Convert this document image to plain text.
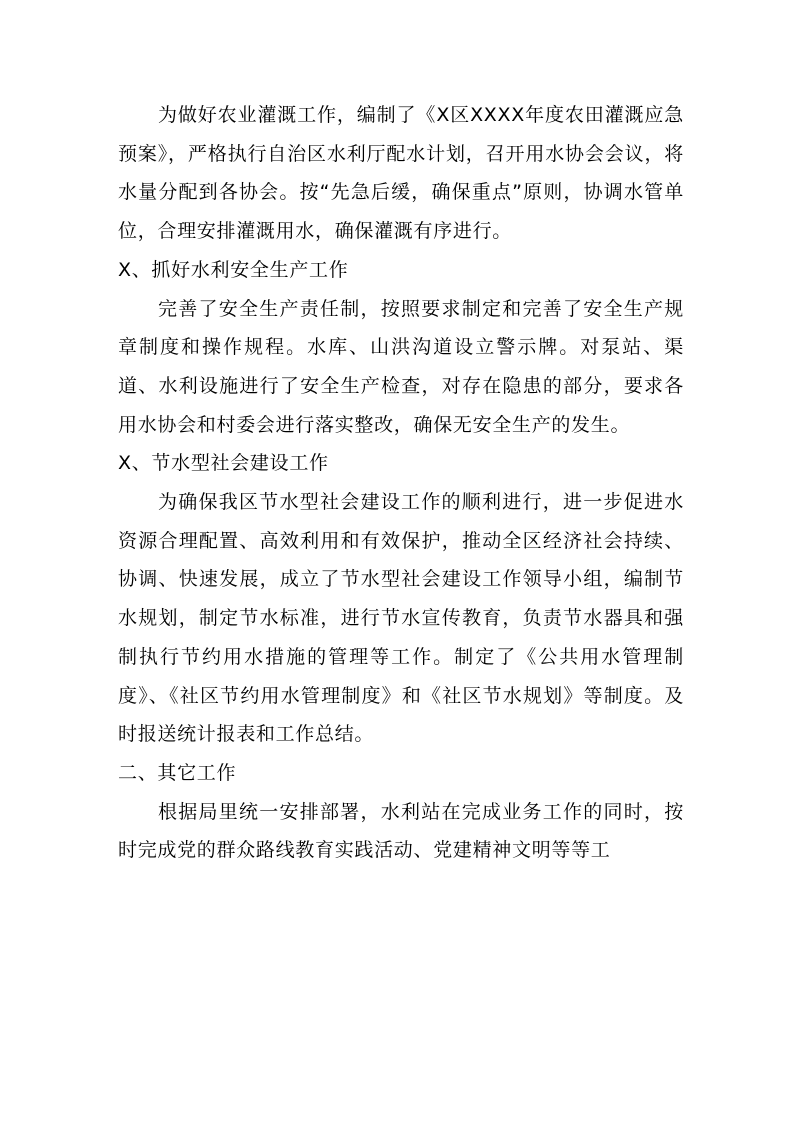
为做好农业灌溉工作，编制了《X区XXXX年度农田灌溉应急预案》，严格执行自治区水利厅配水计划，召开用水协会会议，将水量分配到各协会。按“先急后缓，确保重点”原则，协调水管单位，合理安排灌溉用水，确保灌溉有序进行。

X、抓好水利安全生产工作

完善了安全生产责任制，按照要求制定和完善了安全生产规章制度和操作规程。水库、山洪沟道设立警示牌。对泵站、渠道、水利设施进行了安全生产检查，对存在隐患的部分，要求各用水协会和村委会进行落实整改，确保无安全生产的发生。

X、节水型社会建设工作

为确保我区节水型社会建设工作的顺利进行，进一步促进水资源合理配置、高效利用和有效保护，推动全区经济社会持续、协调、快速发展，成立了节水型社会建设工作领导小组，编制节水规划，制定节水标准，进行节水宣传教育，负责节水器具和强制执行节约用水措施的管理等工作。制定了《公共用水管理制度》、《社区节约用水管理制度》和《社区节水规划》等制度。及时报送统计报表和工作总结。

二、其它工作

根据局里统一安排部署，水利站在完成业务工作的同时，按时完成党的群众路线教育实践活动、党建精神文明等等工
